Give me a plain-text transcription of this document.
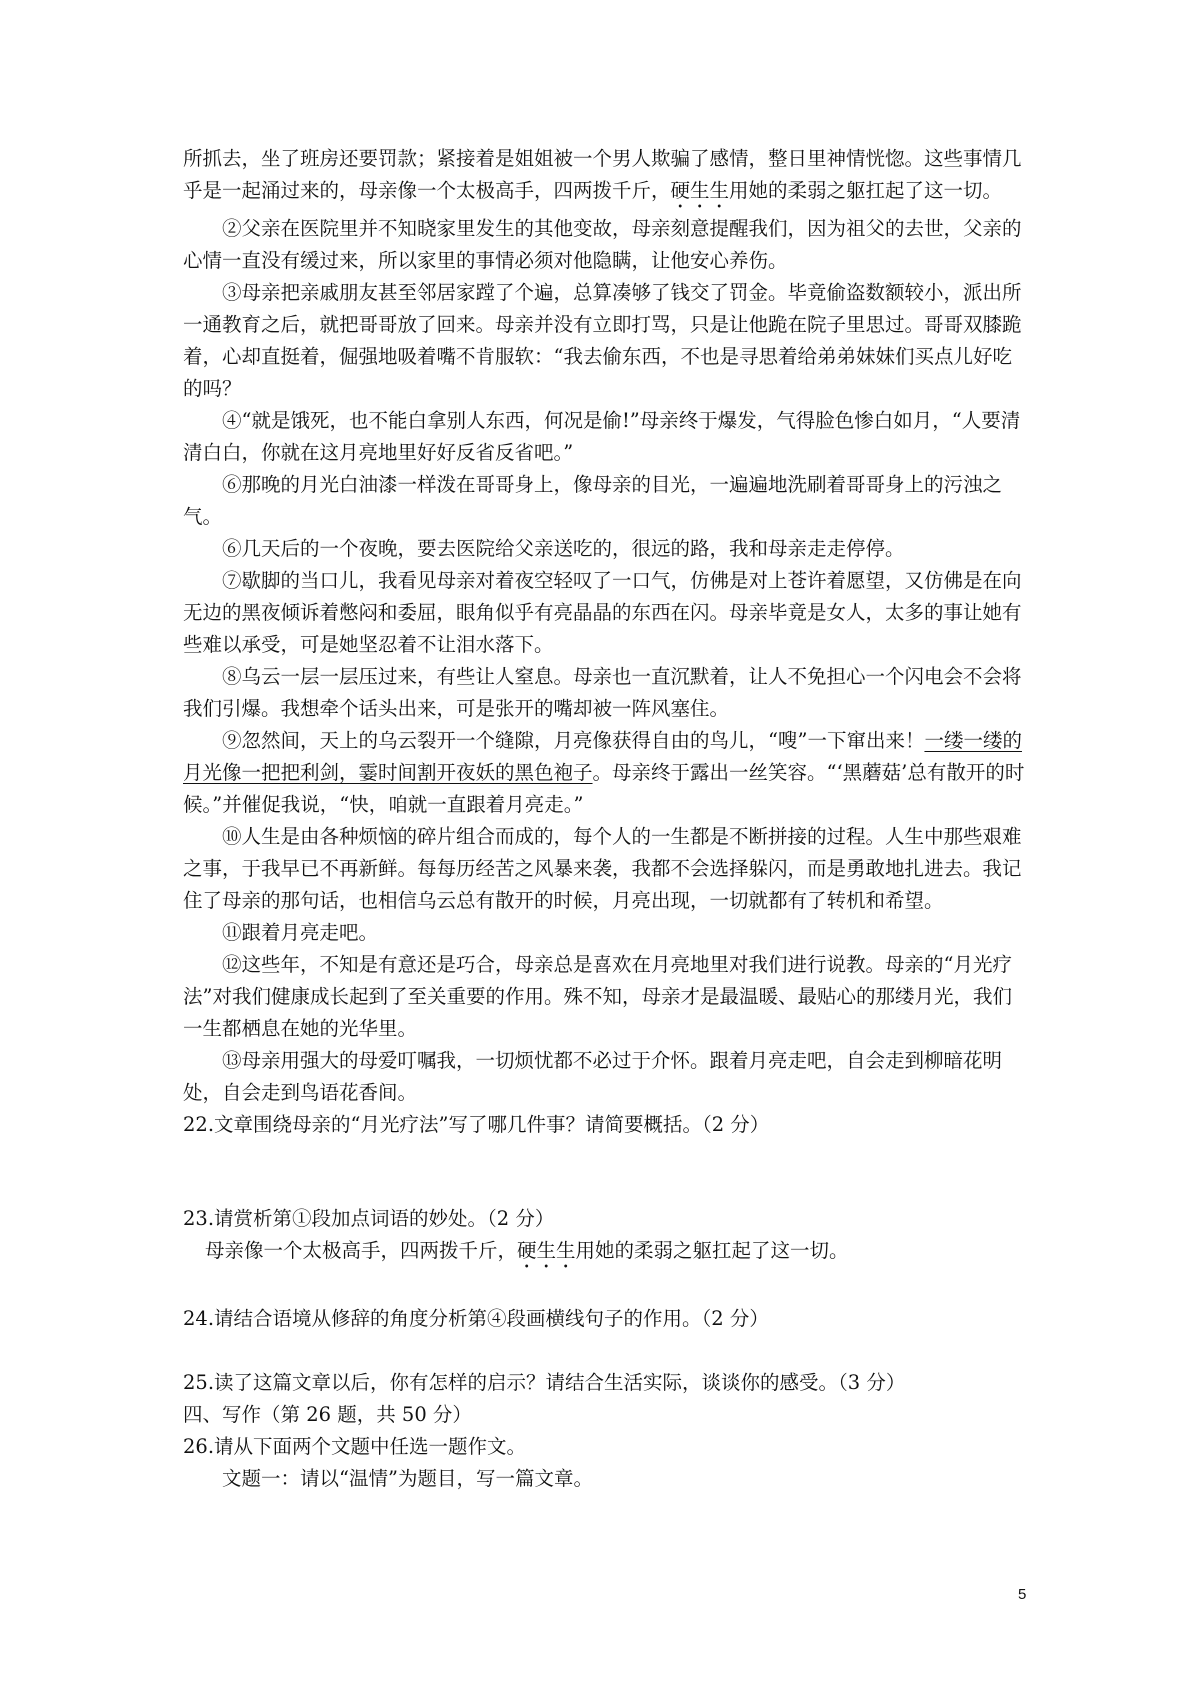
所抓去，坐了班房还要罚款；紧接着是姐姐被一个男人欺骗了感情，整日里神情恍惚。这些事情几乎是一起涌过来的，母亲像一个太极高手，四两拨千斤，硬生生用她的柔弱之躯扛起了这一切。

②父亲在医院里并不知晓家里发生的其他变故，母亲刻意提醒我们，因为祖父的去世，父亲的心情一直没有缓过来，所以家里的事情必须对他隐瞒，让他安心养伤。

③母亲把亲戚朋友甚至邻居家蹚了个遍，总算凑够了钱交了罚金。毕竟偷盗数额较小，派出所一通教育之后，就把哥哥放了回来。母亲并没有立即打骂，只是让他跪在院子里思过。哥哥双膝跪着，心却直挺着，倔强地吸着嘴不肯服软：“我去偷东西，不也是寻思着给弟弟妹妹们买点儿好吃的吗？

④“就是饿死，也不能白拿别人东西，何况是偷!”母亲终于爆发，气得脸色惨白如月，“人要清清白白，你就在这月亮地里好好反省反省吧。”

⑥那晚的月光白油漆一样泼在哥哥身上，像母亲的目光，一遍遍地洗刷着哥哥身上的污浊之气。

⑥几天后的一个夜晚，要去医院给父亲送吃的，很远的路，我和母亲走走停停。

⑦歇脚的当口儿，我看见母亲对着夜空轻叹了一口气，仿佛是对上苍许着愿望，又仿佛是在向无边的黑夜倾诉着憋闷和委屈，眼角似乎有亮晶晶的东西在闪。母亲毕竟是女人，太多的事让她有些难以承受，可是她坚忍着不让泪水落下。

⑧乌云一层一层压过来，有些让人窒息。母亲也一直沉默着，让人不免担心一个闪电会不会将我们引爆。我想牵个话头出来，可是张开的嘴却被一阵风塞住。

⑨忽然间，天上的乌云裂开一个缝隙，月亮像获得自由的鸟儿，“嗖”一下窜出来！一缕一缕的月光像一把把利剑，霎时间割开夜妖的黑色袍子。母亲终于露出一丝笑容。“‘黑蘑菇’总有散开的时候。”并催促我说，“快，咱就一直跟着月亮走。”

⑩人生是由各种烦恼的碎片组合而成的，每个人的一生都是不断拼接的过程。人生中那些艰难之事，于我早已不再新鲜。每每历经苦之风暴来袭，我都不会选择躲闪，而是勇敢地扎进去。我记住了母亲的那句话，也相信乌云总有散开的时候，月亮出现，一切就都有了转机和希望。

⑪跟着月亮走吧。

⑫这些年，不知是有意还是巧合，母亲总是喜欢在月亮地里对我们进行说教。母亲的“月光疗法”对我们健康成长起到了至关重要的作用。殊不知，母亲才是最温暖、最贴心的那缕月光，我们一生都栖息在她的光华里。

⑬母亲用强大的母爱叮嘱我，一切烦忧都不必过于介怀。跟着月亮走吧，自会走到柳暗花明处，自会走到鸟语花香间。

22.文章围绕母亲的“月光疗法”写了哪几件事？请简要概括。（2 分）

23.请赏析第①段加点词语的妙处。（2 分）

母亲像一个太极高手，四两拨千斤，硬生生用她的柔弱之躯扛起了这一切。

24.请结合语境从修辞的角度分析第④段画横线句子的作用。（2 分）

25.读了这篇文章以后，你有怎样的启示？请结合生活实际，谈谈你的感受。（3 分）

四、写作（第 26 题，共 50 分）

26.请从下面两个文题中任选一题作文。

文题一：请以“温情”为题目，写一篇文章。

5
